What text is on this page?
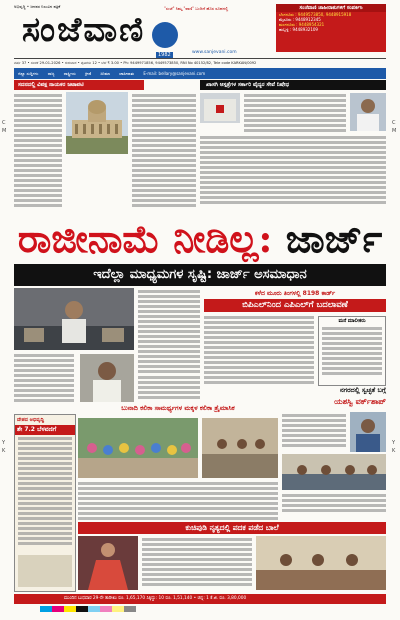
C
M
C
M
Y
K
Y
K
ಅಭಿವೃದ್ಧಿ • ಜನಪರ ನಿಲುವಿನ ಪತ್ರಿಕೆ	"ಸಂಜೆ" ನಿಮ್ಮ "ವಾಣಿ" ಬಂದಿದೆ ಹೊಸ ರೂಪದಲ್ಲಿ
ಸಂಜೆವಾಣಿ
1982	www.sanjevani.com
ಸಂಜೆವಾಣಿ ಜಾಹೀರಾತುಗಳಿಗೆ ಸಂಪರ್ಕಿಸಿ
ಬೆಂಗಳೂರು : 9449573850, 9448915918
ಮೈಸೂರು : 9448912345
ಮಂಗಳೂರು : 9448954321
ಹುಬ್ಬಳ್ಳಿ : 9448932109
ವರ್ಷ 37 • ಸಂಚಿಕೆ 29-01-2026 • ಗುರುವಾರ • ಪುಟಗಳು 12 • ಬೆಲೆ ₹ 3.00 • Ph: 9449971856, 9449573850, RNI No 40152/82, Tele code KARKAN/0092
ಜಿಲ್ಲಾ ಸುದ್ದಿಗಳು ರಾಜ್ಯ ರಾಷ್ಟ್ರೀಯ ಕ್ರೀಡೆ ಸಿನಿಮಾ ಜಾಹೀರಾತು E-mail: bellary@sanjevani.com
ಸದನದಲ್ಲಿ ವಿಪಕ್ಷ ನಾಯಕರ ಜಟಾಪಟಿ	ಖಾಸಗಿ ಆಸ್ಪತ್ರೆಗಳ ಸರ್ಕಾರಿ ವೈದ್ಯರ ಸೇವೆ ನಿಷೇಧ
ರಾಜೀನಾಮೆ ನೀಡಿಲ್ಲ: ಜಾರ್ಜ್
ಇದೆಲ್ಲಾ ಮಾಧ್ಯಮಗಳ ಸೃಷ್ಟಿ: ಜಾರ್ಜ್ ಅಸಮಾಧಾನ
ಕಳೆದ ಮೂರು ತಿಂಗಳಲ್ಲಿ 8198 ಕಾರ್ಡ್
ಬಿಪಿಎಲ್‌ನಿಂದ ಎಪಿಎಲ್‌ಗೆ ಬದಲಾವಣೆ
ಮನೆ ಮಾಲೀಕರು
ದೇಶದ ಅಭಿವೃದ್ಧಿ
ಶೇ 7.2 ಬೆಳವಣಿಗೆ
ಬುನಾದಿ ಕಲಿಕಾ ಸಾಮರ್ಥ್ಯಗಳ ಮಕ್ಕಳ ಕಲಿಕಾ ತ್ರೈಮಾಸಿಕ
ನಗರದಲ್ಲಿ ಸ್ವಚ್ಛತೆ ಬಗ್ಗೆ
ಯಶಸ್ವಿ ವರ್ಕ್‌ಶಾಪ್
ಕುಚಿಪುಡಿ ನೃತ್ಯದಲ್ಲಿ ಪದಕ ಪಡೆದ ಬಾಲೆ
ಮುಂದಿನ ಬುಧವಾರ 29-ನೇ ತಾರೀಖು ರೂ. 1,65,170 ಸಿಕ್ಕಿದ್ದು: 10 ರೂ. 1,51,140 • ಚಿನ್ನ: 1 ಕೆ.ಜಿ. ರೂ. 3,80,000
